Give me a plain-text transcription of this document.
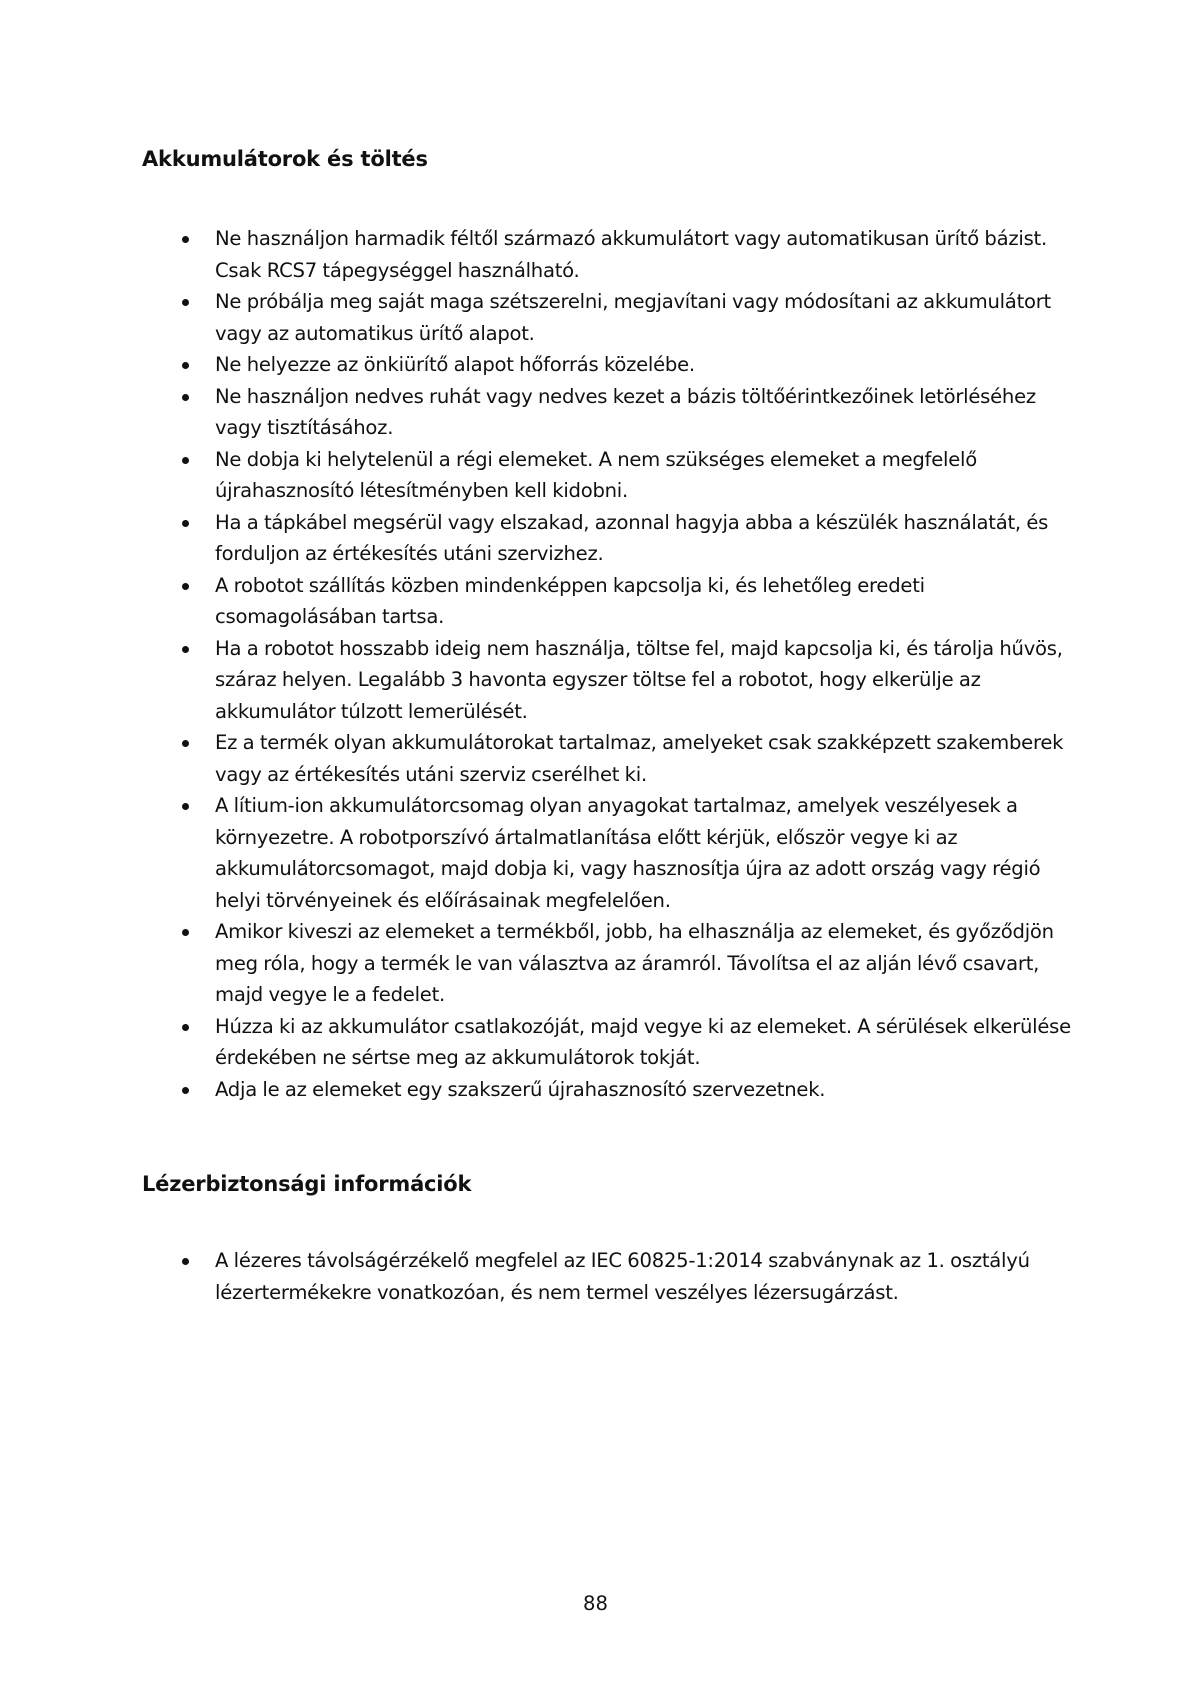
Akkumulátorok és töltés
Ne használjon harmadik féltől származó akkumulátort vagy automatikusan ürítő bázist. Csak RCS7 tápegységgel használható.
Ne próbálja meg saját maga szétszerelni, megjavítani vagy módosítani az akkumulátort vagy az automatikus ürítő alapot.
Ne helyezze az önkiürítő alapot hőforrás közelébe.
Ne használjon nedves ruhát vagy nedves kezet a bázis töltőérintkezőinek letörléséhez vagy tisztításához.
Ne dobja ki helytelenül a régi elemeket. A nem szükséges elemeket a megfelelő újrahasznosító létesítményben kell kidobni.
Ha a tápkábel megsérül vagy elszakad, azonnal hagyja abba a készülék használatát, és forduljon az értékesítés utáni szervizhez.
A robotot szállítás közben mindenképpen kapcsolja ki, és lehetőleg eredeti csomagolásában tartsa.
Ha a robotot hosszabb ideig nem használja, töltse fel, majd kapcsolja ki, és tárolja hűvös, száraz helyen. Legalább 3 havonta egyszer töltse fel a robotot, hogy elkerülje az akkumulátor túlzott lemerülését.
Ez a termék olyan akkumulátorokat tartalmaz, amelyeket csak szakképzett szakemberek vagy az értékesítés utáni szerviz cserélhet ki.
A lítium-ion akkumulátorcsomag olyan anyagokat tartalmaz, amelyek veszélyesek a környezetre. A robotporszívó ártalmatlanítása előtt kérjük, először vegye ki az akkumulátorcsomagot, majd dobja ki, vagy hasznosítja újra az adott ország vagy régió helyi törvényeinek és előírásainak megfelelően.
Amikor kiveszi az elemeket a termékből, jobb, ha elhasználja az elemeket, és győződjön meg róla, hogy a termék le van választva az áramról. Távolítsa el az alján lévő csavart, majd vegye le a fedelet.
Húzza ki az akkumulátor csatlakozóját, majd vegye ki az elemeket. A sérülések elkerülése érdekében ne sértse meg az akkumulátorok tokját.
Adja le az elemeket egy szakszerű újrahasznosító szervezetnek.
Lézerbiztonsági információk
A lézeres távolságérzékelő megfelel az IEC 60825-1:2014 szabványnak az 1. osztályú lézertermékekre vonatkozóan, és nem termel veszélyes lézersugárzást.
88
